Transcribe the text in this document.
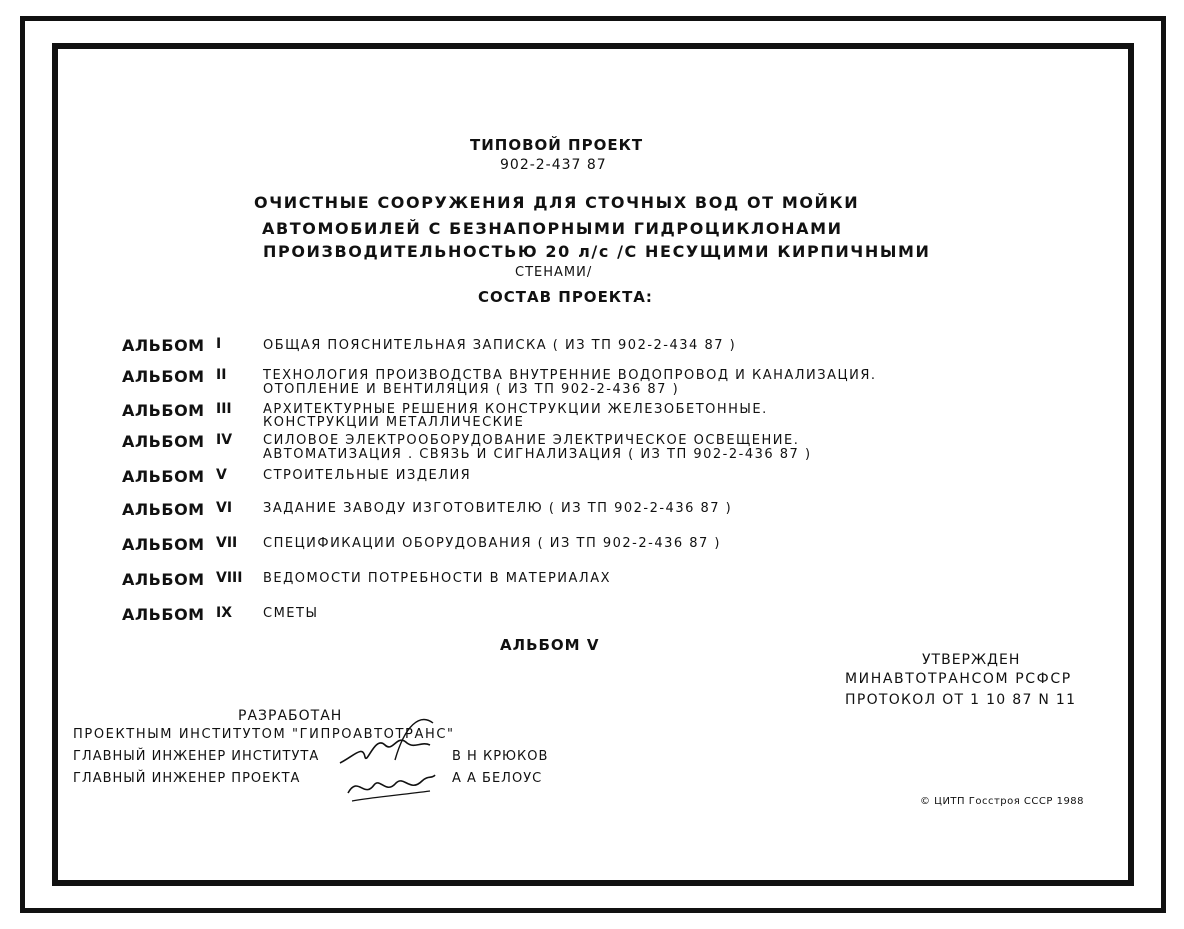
ТИПОВОЙ ПРОЕКТ
902-2-437 87
ОЧИСТНЫЕ СООРУЖЕНИЯ ДЛЯ СТОЧНЫХ ВОД ОТ МОЙКИ
АВТОМОБИЛЕЙ С БЕЗНАПОРНЫМИ ГИДРОЦИКЛОНАМИ
ПРОИЗВОДИТЕЛЬНОСТЬЮ 20 л/с /С НЕСУЩИМИ КИРПИЧНЫМИ
СТЕНАМИ/
СОСТАВ ПРОЕКТА:
АЛЬБОМ I	ОБЩАЯ ПОЯСНИТЕЛЬНАЯ ЗАПИСКА ( ИЗ ТП 902-2-434 87 )
АЛЬБОМ II	ТЕХНОЛОГИЯ ПРОИЗВОДСТВА ВНУТРЕННИЕ ВОДОПРОВОД И КАНАЛИЗАЦИЯ.
ОТОПЛЕНИЕ И ВЕНТИЛЯЦИЯ ( ИЗ ТП 902-2-436 87 )
АЛЬБОМ III АРХИТЕКТУРНЫЕ РЕШЕНИЯ КОНСТРУКЦИИ ЖЕЛЕЗОБЕТОННЫЕ.
КОНСТРУКЦИИ МЕТАЛЛИЧЕСКИЕ
АЛЬБОМ IV СИЛОВОЕ ЭЛЕКТРООБОРУДОВАНИЕ ЭЛЕКТРИЧЕСКОЕ ОСВЕЩЕНИЕ.
АВТОМАТИЗАЦИЯ . СВЯЗЬ И СИГНАЛИЗАЦИЯ ( ИЗ ТП 902-2-436 87 )
АЛЬБОМ V	СТРОИТЕЛЬНЫЕ ИЗДЕЛИЯ
АЛЬБОМ VI ЗАДАНИЕ ЗАВОДУ ИЗГОТОВИТЕЛЮ ( ИЗ ТП 902-2-436 87 )
АЛЬБОМ VII СПЕЦИФИКАЦИИ ОБОРУДОВАНИЯ ( ИЗ ТП 902-2-436 87 )
АЛЬБОМ VIII ВЕДОМОСТИ ПОТРЕБНОСТИ В МАТЕРИАЛАХ
АЛЬБОМ IX СМЕТЫ
АЛЬБОМ V
УТВЕРЖДЕН
МИНАВТОТРАНСОМ РСФСР
ПРОТОКОЛ ОТ 1 10 87 N 11
РАЗРАБОТАН
ПРОЕКТНЫМ ИНСТИТУТОМ "ГИПРОАВТОТРАНС"
ГЛАВНЫЙ ИНЖЕНЕР ИНСТИТУТА	В Н КРЮКОВ
ГЛАВНЫЙ ИНЖЕНЕР ПРОЕКТА	А А БЕЛОУС
© ЦИТП Госстроя СССР 1988
